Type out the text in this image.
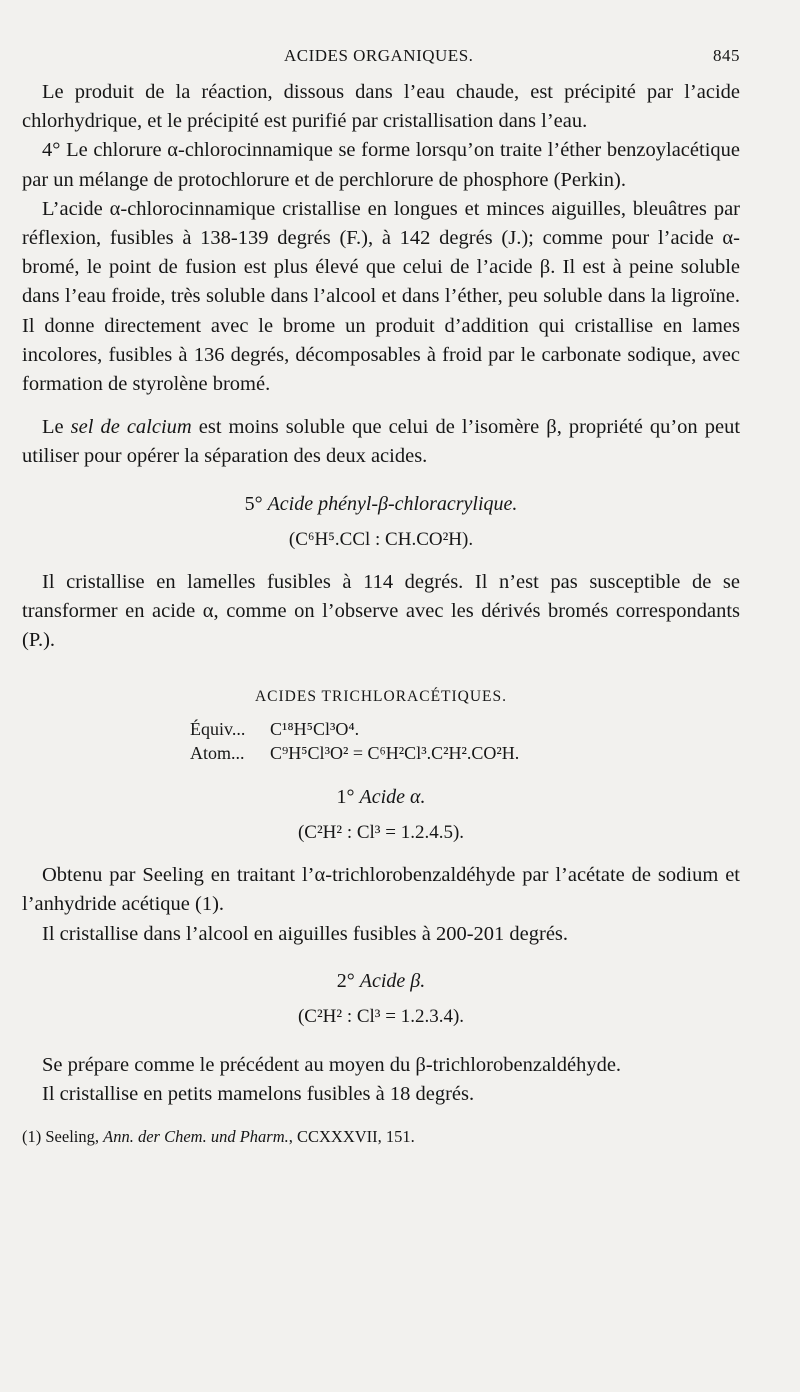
ACIDES ORGANIQUES.	845

Le produit de la réaction, dissous dans l’eau chaude, est précipité par l’acide chlorhydrique, et le précipité est purifié par cristallisation dans l’eau.

4° Le chlorure α-chlorocinnamique se forme lorsqu’on traite l’éther benzoylacétique par un mélange de protochlorure et de perchlorure de phosphore (Perkin).

L’acide α-chlorocinnamique cristallise en longues et minces aiguilles, bleuâtres par réflexion, fusibles à 138-139 degrés (F.), à 142 degrés (J.); comme pour l’acide α-bromé, le point de fusion est plus élevé que celui de l’acide β. Il est à peine soluble dans l’eau froide, très soluble dans l’alcool et dans l’éther, peu soluble dans la ligroïne. Il donne directement avec le brome un produit d’addition qui cristallise en lames incolores, fusibles à 136 degrés, décomposables à froid par le carbonate sodique, avec formation de styrolène bromé.

Le sel de calcium est moins soluble que celui de l’isomère β, propriété qu’on peut utiliser pour opérer la séparation des deux acides.

5° Acide phényl-β-chloracrylique.
(C⁶H⁵.CCl : CH.CO²H).

Il cristallise en lamelles fusibles à 114 degrés. Il n’est pas susceptible de se transformer en acide α, comme on l’observe avec les dérivés bromés correspondants (P.).

ACIDES TRICHLORACÉTIQUES.
Équiv... C¹⁸H⁵Cl³O⁴.
Atom... C⁹H⁵Cl³O² = C⁶H²Cl³.C²H².CO²H.
1° Acide α.
(C²H² : Cl³ = 1.2.4.5).

Obtenu par Seeling en traitant l’α-trichlorobenzaldéhyde par l’acétate de sodium et l’anhydride acétique (1).

Il cristallise dans l’alcool en aiguilles fusibles à 200-201 degrés.

2° Acide β.
(C²H² : Cl³ = 1.2.3.4).

Se prépare comme le précédent au moyen du β-trichlorobenzaldéhyde.

Il cristallise en petits mamelons fusibles à 18 degrés.

(1) Seeling, Ann. der Chem. und Pharm., CCXXXVII, 151.
